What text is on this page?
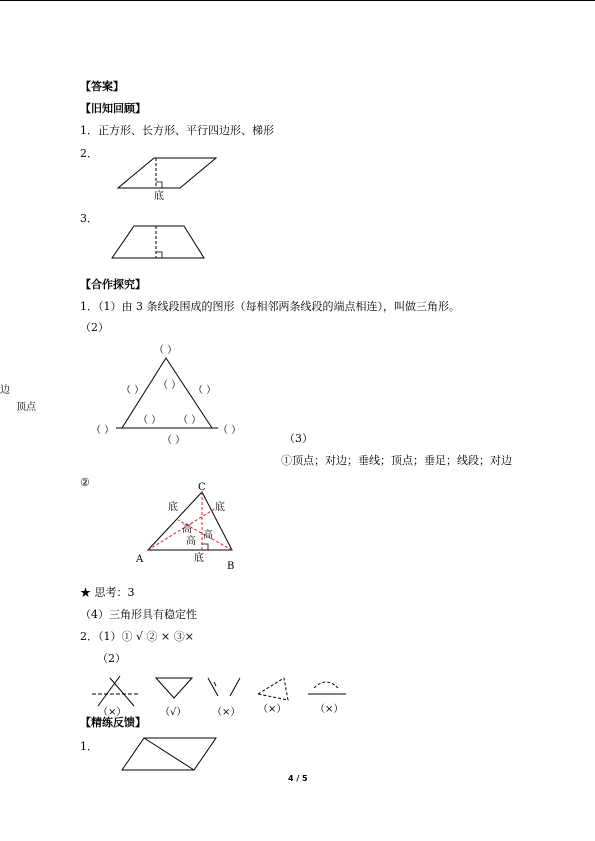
【答案】
【旧知回顾】
1．正方形、长方形、平行四边形、梯形
2．
底
3．
【合作探究】
1．（1）由 3 条线段围成的图形（每相邻两条线段的端点相连），叫做三角形。
（2）
（ ）
（ ）
（ ）	（ ）
（ ） （ ）
（ ）	（ ）
（ ）
边
顶点
（3）
①顶点；对边；垂线；顶点；垂足；线段；对边
②	C
A
B
底	底
底
高
高
高
★ 思考：3
（4）三角形具有稳定性
2．（1）① √ ② × ③×
（2）
（×）	（√）	（×） （×）	（×）
【精练反馈】
1．
4 / 5
